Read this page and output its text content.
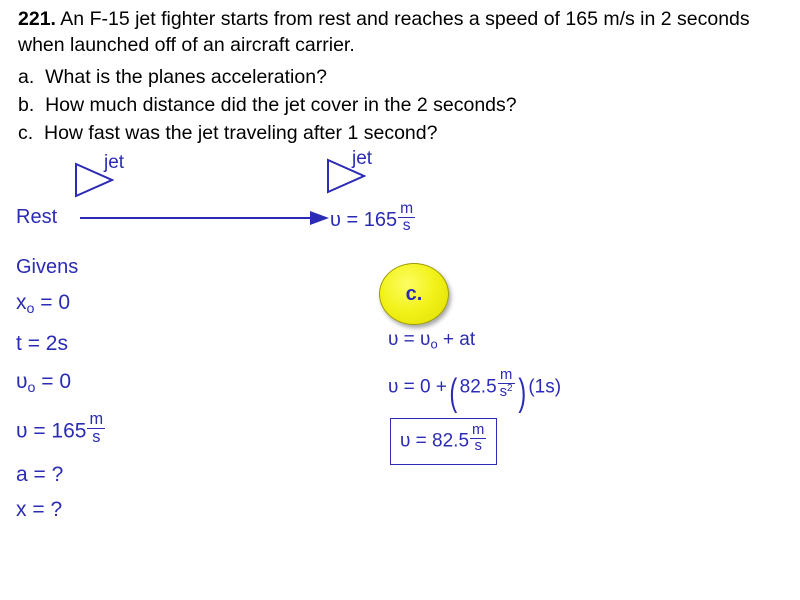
221. An F-15 jet fighter starts from rest and reaches a speed of 165 m/s in 2 seconds when launched off of an aircraft carrier.
a.  What is the planes acceleration?
b.  How much distance did the jet cover in the 2 seconds?
c.  How fast was the jet traveling after 1 second?
jet	jet
Rest	$\upsilon = 165 \frac{m}{s}$
Givens
$x_o = 0$
t = 2s
$\upsilon_o = 0$
$\upsilon = 165 \frac{m}{s}$
a = ?
x = ?
c.
$\upsilon = \upsilon_o$ + at
υ = 0 +( $82.5 \frac{m}{s^2}$ ) (1s)
$\upsilon = 82.5 \frac{m}{s}$
